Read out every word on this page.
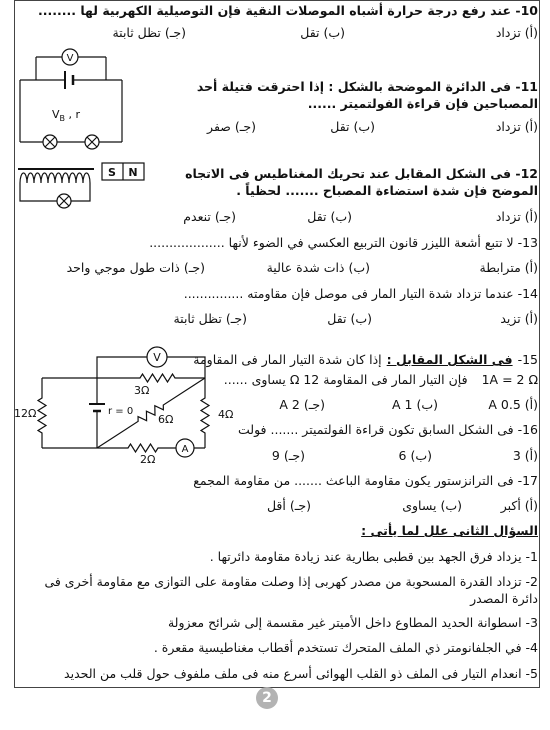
10- عند رفع درجة حرارة أشباه الموصلات النقية فإن التوصيلية الكهربية لها ........
(أ) تزداد
(ب) تقل
(جـ) تظل ثابتة
V
$V_B$ , r
11- فى الدائرة الموضحة بالشكل : إذا احترقت فتيلة أحد المصباحين فإن قراءة الفولتميتر ......
(أ) تزداد
(ب) تقل
(جـ) صفر
S N	12- فى الشكل المقابل عند تحريك المغناطيس فى الاتجاه الموضح فإن شدة استضاءة المصباح ....... لحظياً .
(أ) تزداد
(ب) تقل
(جـ) تنعدم
13- لا تتبع أشعة الليزر قانون التربيع العكسي في الضوء لأنها ...................
(أ) مترابطة
(ب) ذات شدة عالية
(جـ) ذات طول موجي واحد
14- عندما تزداد شدة التيار المار فى موصل فإن مقاومته ...............
(أ) تزيد
(ب) تقل
(جـ) تظل ثابتة
V
A
3Ω
6Ω	4Ω
2Ω
12Ω	r = 0
15-فى الشكل المقابل :إذا كان شدة التيار المار فى المقاومة
1A = 2 Ωفإن التيار المار فى المقاومة 12 Ω يساوى ......
(أ) 0.5 A
(ب) 1 A
(جـ) 2 A
16- فى الشكل السابق تكون قراءة الفولتميتر ....... فولت
(أ) 3
(ب) 6
(جـ) 9
17- فى الترانزستور يكون مقاومة الباعث ....... من مقاومة المجمع
(أ) أكبر
(ب) يساوى
(جـ) أقل
السؤال الثانى علل لما يأتى :
1- يزداد فرق الجهد بين قطبى بطارية عند زيادة مقاومة دائرتها .
2- تزداد القدرة المسحوبة من مصدر كهربى إذا وصلت مقاومة على التوازى مع مقاومة أخرى فى دائرة المصدر
3- اسطوانة الحديد المطاوع داخل الأميتر غير مقسمة إلى شرائح معزولة
4- في الجلفانومتر ذي الملف المتحرك تستخدم أقطاب مغناطيسية مقعرة .
5- انعدام التيار فى الملف ذو القلب الهوائى أسرع منه فى ملف ملفوف حول قلب من الحديد
2
